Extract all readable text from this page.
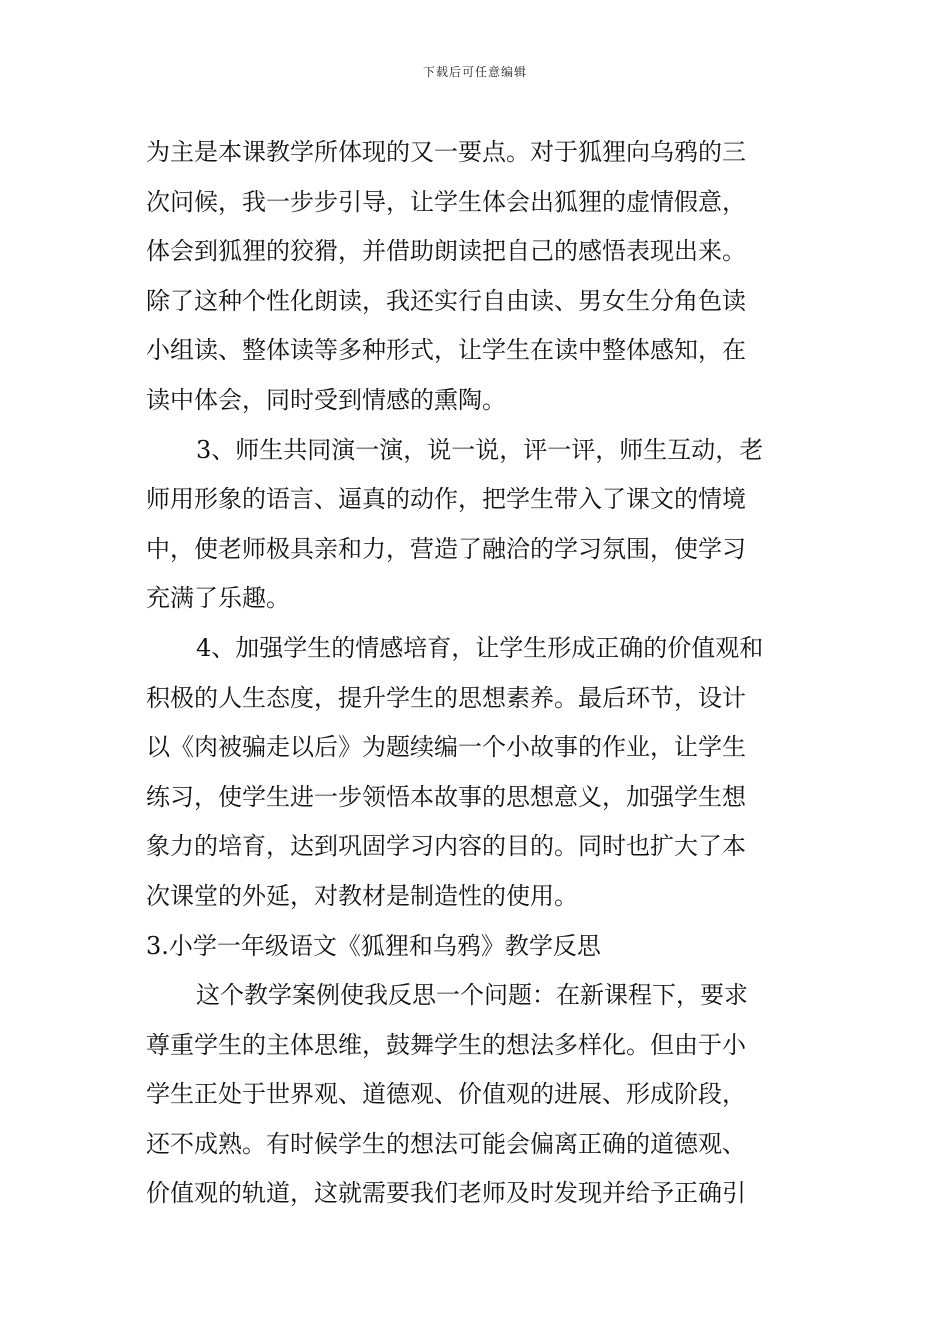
下载后可任意编辑
为主是本课教学所体现的又一要点。对于狐狸向乌鸦的三
次问候，我一步步引导，让学生体会出狐狸的虚情假意，
体会到狐狸的狡猾，并借助朗读把自己的感悟表现出来。
除了这种个性化朗读，我还实行自由读、男女生分角色读
小组读、整体读等多种形式，让学生在读中整体感知，在
读中体会，同时受到情感的熏陶。
3、师生共同演一演，说一说，评一评，师生互动，老
师用形象的语言、逼真的动作，把学生带入了课文的情境
中，使老师极具亲和力，营造了融洽的学习氛围，使学习
充满了乐趣。
4、加强学生的情感培育，让学生形成正确的价值观和
积极的人生态度，提升学生的思想素养。最后环节，设计
以《肉被骗走以后》为题续编一个小故事的作业，让学生
练习，使学生进一步领悟本故事的思想意义，加强学生想
象力的培育，达到巩固学习内容的目的。同时也扩大了本
次课堂的外延，对教材是制造性的使用。
3.小学一年级语文《狐狸和乌鸦》教学反思
这个教学案例使我反思一个问题：在新课程下，要求
尊重学生的主体思维，鼓舞学生的想法多样化。但由于小
学生正处于世界观、道德观、价值观的进展、形成阶段，
还不成熟。有时候学生的想法可能会偏离正确的道德观、
价值观的轨道，这就需要我们老师及时发现并给予正确引
